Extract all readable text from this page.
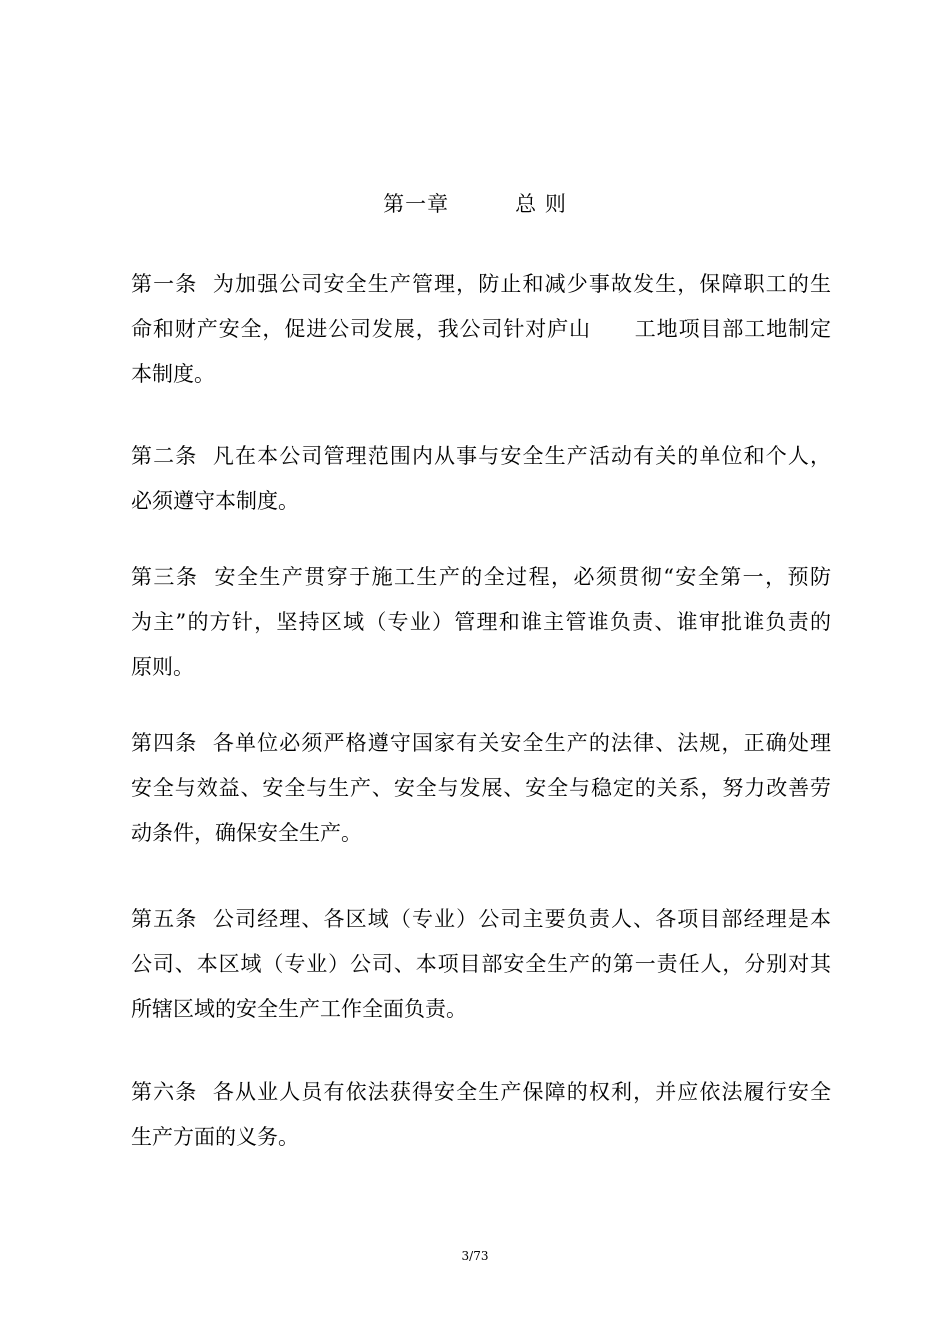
第一章　　　总 则
第一条  为加强公司安全生产管理，防止和减少事故发生，保障职工的生
命和财产安全，促进公司发展，我公司针对庐山　　工地项目部工地制定
本制度。
第二条  凡在本公司管理范围内从事与安全生产活动有关的单位和个人，
必须遵守本制度。
第三条  安全生产贯穿于施工生产的全过程，必须贯彻“安全第一，预防
为主”的方针，坚持区域（专业）管理和谁主管谁负责、谁审批谁负责的
原则。
第四条  各单位必须严格遵守国家有关安全生产的法律、法规，正确处理
安全与效益、安全与生产、安全与发展、安全与稳定的关系，努力改善劳
动条件，确保安全生产。
第五条  公司经理、各区域（专业）公司主要负责人、各项目部经理是本
公司、本区域（专业）公司、本项目部安全生产的第一责任人，分别对其
所辖区域的安全生产工作全面负责。
第六条  各从业人员有依法获得安全生产保障的权利，并应依法履行安全
生产方面的义务。
3/73
